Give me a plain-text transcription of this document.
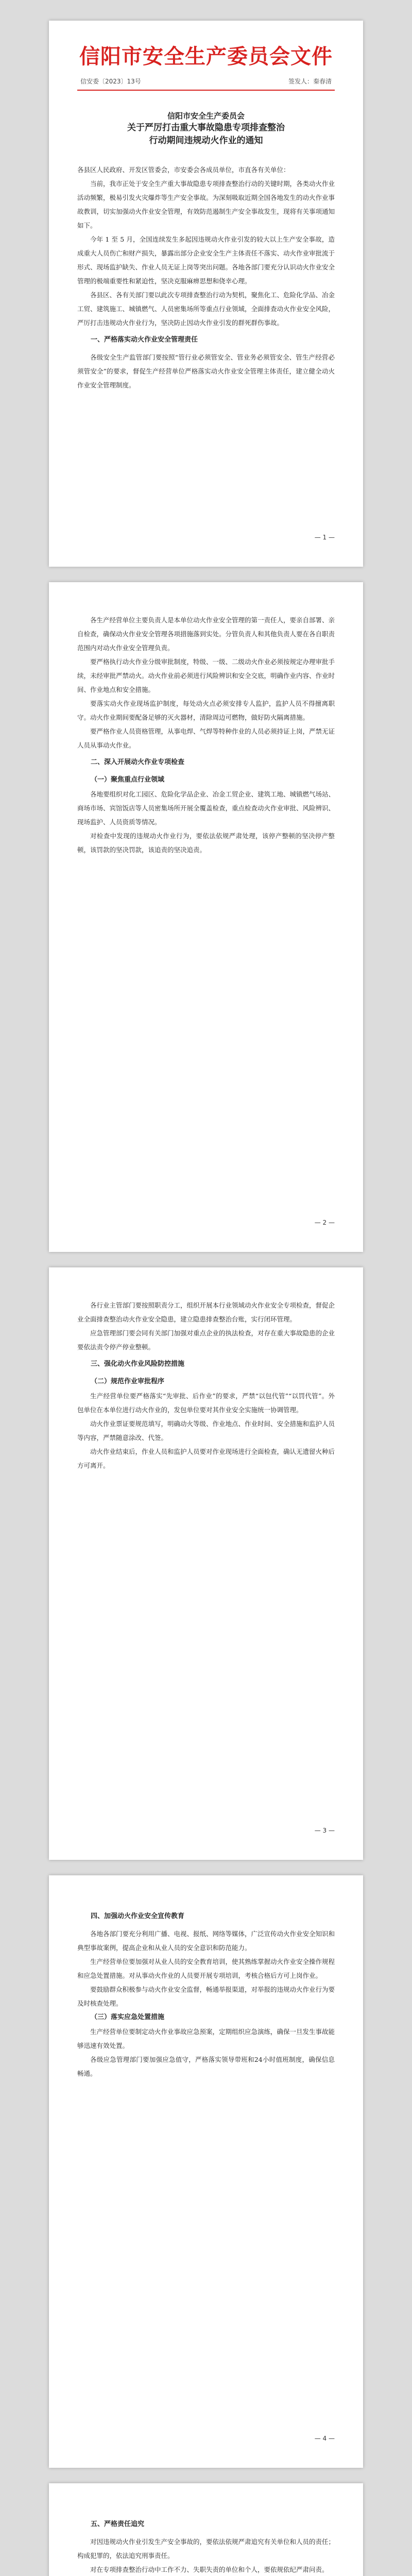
信阳市安全生产委员会文件
信安委〔2023〕13号	签发人：秦春清
信阳市安全生产委员会
关于严厉打击重大事故隐患专项排查整治
行动期间违规动火作业的通知

各县区人民政府、开发区管委会，市安委会各成员单位，市直各有关单位：

当前，我市正处于安全生产重大事故隐患专项排查整治行动的关键时期，各类动火作业活动频繁，极易引发火灾爆炸等生产安全事故。为深刻吸取近期全国各地发生的动火作业事故教训，切实加强动火作业安全管理，有效防范遏制生产安全事故发生，现将有关事项通知如下。

今年 1 至 5 月，全国连续发生多起因违规动火作业引发的较大以上生产安全事故，造成重大人员伤亡和财产损失，暴露出部分企业安全生产主体责任不落实、动火作业审批流于形式、现场监护缺失、作业人员无证上岗等突出问题。各地各部门要充分认识动火作业安全管理的极端重要性和紧迫性，坚决克服麻痹思想和侥幸心理。

各县区、各有关部门要以此次专项排查整治行动为契机，聚焦化工、危险化学品、冶金工贸、建筑施工、城镇燃气、人员密集场所等重点行业领域，全面排查动火作业安全风险，严厉打击违规动火作业行为，坚决防止因动火作业引发的群死群伤事故。

一、严格落实动火作业安全管理责任

各级安全生产监管部门要按照“管行业必须管安全、管业务必须管安全、管生产经营必须管安全”的要求，督促生产经营单位严格落实动火作业安全管理主体责任，建立健全动火作业安全管理制度。

— 1 —

各生产经营单位主要负责人是本单位动火作业安全管理的第一责任人，要亲自部署、亲自检查，确保动火作业安全管理各项措施落到实处。分管负责人和其他负责人要在各自职责范围内对动火作业安全管理负责。

要严格执行动火作业分级审批制度，特级、一级、二级动火作业必须按规定办理审批手续，未经审批严禁动火。动火作业前必须进行风险辨识和安全交底，明确作业内容、作业时间、作业地点和安全措施。

要落实动火作业现场监护制度，每处动火点必须安排专人监护，监护人员不得擅离职守。动火作业期间要配备足够的灭火器材，清除周边可燃物，做好防火隔离措施。

要严格作业人员资格管理，从事电焊、气焊等特种作业的人员必须持证上岗，严禁无证人员从事动火作业。

二、深入开展动火作业专项检查
（一）聚焦重点行业领域

各地要组织对化工园区、危险化学品企业、冶金工贸企业、建筑工地、城镇燃气场站、商场市场、宾馆饭店等人员密集场所开展全覆盖检查，重点检查动火作业审批、风险辨识、现场监护、人员资质等情况。

对检查中发现的违规动火作业行为，要依法依规严肃处理，该停产整顿的坚决停产整顿，该罚款的坚决罚款，该追责的坚决追责。

— 2 —

各行业主管部门要按照职责分工，组织开展本行业领域动火作业安全专项检查，督促企业全面排查整治动火作业安全隐患，建立隐患排查整治台账，实行闭环管理。

应急管理部门要会同有关部门加强对重点企业的执法检查，对存在重大事故隐患的企业要依法责令停产停业整顿。

三、强化动火作业风险防控措施
（二）规范作业审批程序

生产经营单位要严格落实“先审批、后作业”的要求，严禁“以包代管”“以罚代管”。外包单位在本单位进行动火作业的，发包单位要对其作业安全实施统一协调管理。

动火作业票证要规范填写，明确动火等级、作业地点、作业时间、安全措施和监护人员等内容，严禁随意涂改、代签。

动火作业结束后，作业人员和监护人员要对作业现场进行全面检查，确认无遗留火种后方可离开。

— 3 —
四、加强动火作业安全宣传教育

各地各部门要充分利用广播、电视、报纸、网络等媒体，广泛宣传动火作业安全知识和典型事故案例，提高企业和从业人员的安全意识和防范能力。

生产经营单位要加强对从业人员的安全教育培训，使其熟练掌握动火作业安全操作规程和应急处置措施。对从事动火作业的人员要开展专项培训，考核合格后方可上岗作业。

要鼓励群众积极参与动火作业安全监督，畅通举报渠道，对举报的违规动火作业行为要及时核查处理。

（三）落实应急处置措施

生产经营单位要制定动火作业事故应急预案，定期组织应急演练，确保一旦发生事故能够迅速有效处置。

各级应急管理部门要加强应急值守，严格落实领导带班和24小时值班制度，确保信息畅通。

— 4 —
五、严格责任追究

对因违规动火作业引发生产安全事故的，要依法依规严肃追究有关单位和人员的责任；构成犯罪的，依法追究刑事责任。

对在专项排查整治行动中工作不力、失职失责的单位和个人，要依规依纪严肃问责。
